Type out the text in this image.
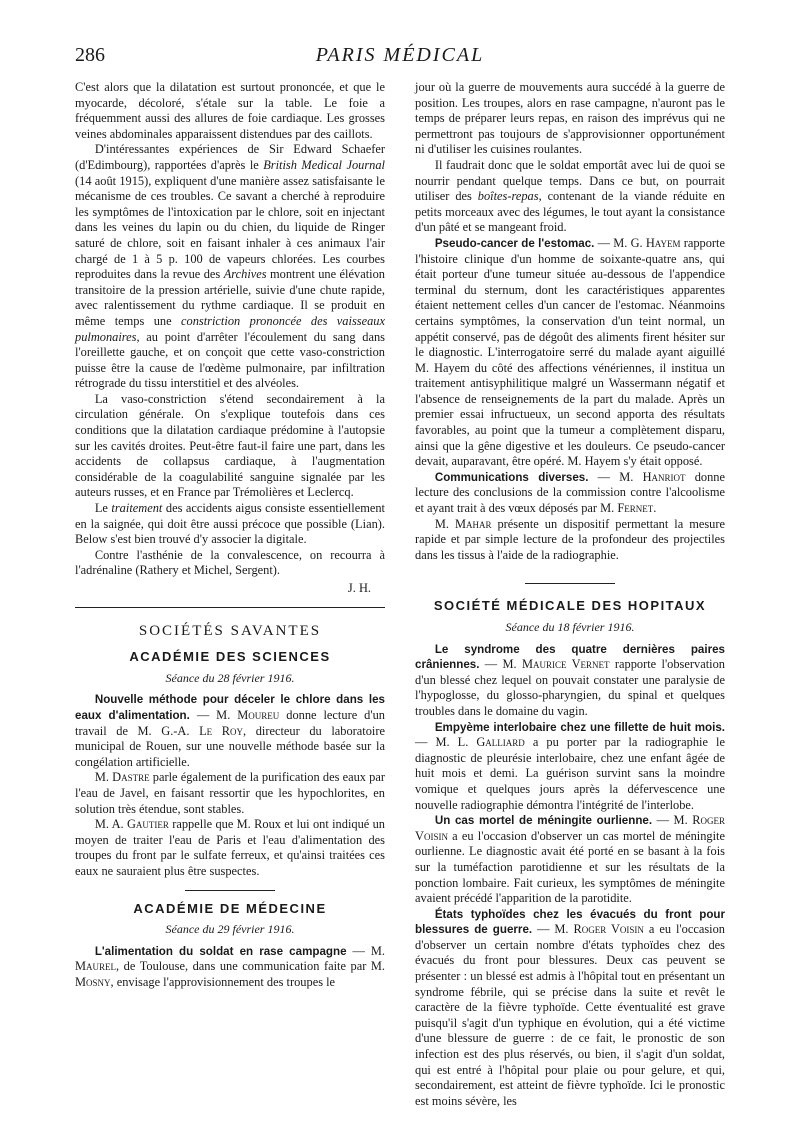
286	PARIS MÉDICAL

C'est alors que la dilatation est surtout prononcée, et que le myocarde, décoloré, s'étale sur la table. Le foie a fréquemment aussi des allures de foie cardiaque. Les grosses veines abdominales apparaissent distendues par des caillots.

D'intéressantes expériences de Sir Edward Schaefer (d'Edimbourg), rapportées d'après le British Medical Journal (14 août 1915), expliquent d'une manière assez satisfaisante le mécanisme de ces troubles. Ce savant a cherché à reproduire les symptômes de l'intoxication par le chlore, soit en injectant dans les veines du lapin ou du chien, du liquide de Ringer saturé de chlore, soit en faisant inhaler à ces animaux l'air chargé de 1 à 5 p. 100 de vapeurs chlorées. Les courbes reproduites dans la revue des Archives montrent une élévation transitoire de la pression artérielle, suivie d'une chute rapide, avec ralentissement du rythme cardiaque. Il se produit en même temps une constriction prononcée des vaisseaux pulmonaires, au point d'arrêter l'écoulement du sang dans l'oreillette gauche, et on conçoit que cette vaso-constriction puisse être la cause de l'œdème pulmonaire, par infiltration rétrograde du tissu interstitiel et des alvéoles.

La vaso-constriction s'étend secondairement à la circulation générale. On s'explique toutefois dans ces conditions que la dilatation cardiaque prédomine à l'autopsie sur les cavités droites. Peut-être faut-il faire une part, dans les accidents de collapsus cardiaque, à l'augmentation considérable de la coagulabilité sanguine signalée par les auteurs russes, et en France par Trémolières et Leclercq.

Le traitement des accidents aigus consiste essentiellement en la saignée, qui doit être aussi précoce que possible (Lian). Below s'est bien trouvé d'y associer la digitale.

Contre l'asthénie de la convalescence, on recourra à l'adrénaline (Rathery et Michel, Sergent).

J. H.
SOCIÉTÉS SAVANTES
ACADÉMIE DES SCIENCES
Séance du 28 février 1916.

Nouvelle méthode pour déceler le chlore dans les eaux d'alimentation. — M. Moureu donne lecture d'un travail de M. G.-A. Le Roy, directeur du laboratoire municipal de Rouen, sur une nouvelle méthode basée sur la congélation artificielle.

M. Dastre parle également de la purification des eaux par l'eau de Javel, en faisant ressortir que les hypochlorites, en solution très étendue, sont stables.

M. A. Gautier rappelle que M. Roux et lui ont indiqué un moyen de traiter l'eau de Paris et l'eau d'alimentation des troupes du front par le sulfate ferreux, et qu'ainsi traitées ces eaux ne sauraient plus être suspectes.

ACADÉMIE DE MÉDECINE
Séance du 29 février 1916.

L'alimentation du soldat en rase campagne — M. Maurel, de Toulouse, dans une communication faite par M. Mosny, envisage l'approvisionnement des troupes le

jour où la guerre de mouvements aura succédé à la guerre de position. Les troupes, alors en rase campagne, n'auront pas le temps de préparer leurs repas, en raison des imprévus qui ne permettront pas toujours de s'approvisionner opportunément ni d'utiliser les cuisines roulantes.

Il faudrait donc que le soldat emportât avec lui de quoi se nourrir pendant quelque temps. Dans ce but, on pourrait utiliser des boîtes-repas, contenant de la viande réduite en petits morceaux avec des légumes, le tout ayant la consistance d'un pâté et se mangeant froid.

Pseudo-cancer de l'estomac. — M. G. Hayem rapporte l'histoire clinique d'un homme de soixante-quatre ans, qui était porteur d'une tumeur située au-dessous de l'appendice terminal du sternum, dont les caractéristiques apparentes étaient nettement celles d'un cancer de l'estomac. Néanmoins certains symptômes, la conservation d'un teint normal, un appétit conservé, pas de dégoût des aliments firent hésiter sur le diagnostic. L'interrogatoire serré du malade ayant aiguillé M. Hayem du côté des affections vénériennes, il institua un traitement antisyphilitique malgré un Wassermann négatif et l'absence de renseignements de la part du malade. Après un premier essai infructueux, un second apporta des résultats favorables, au point que la tumeur a complètement disparu, ainsi que la gêne digestive et les douleurs. Ce pseudo-cancer devait, auparavant, être opéré. M. Hayem s'y était opposé.

Communications diverses. — M. Hanriot donne lecture des conclusions de la commission contre l'alcoolisme et ayant trait à des vœux déposés par M. Fernet.

M. Mahar présente un dispositif permettant la mesure rapide et par simple lecture de la profondeur des projectiles dans les tissus à l'aide de la radiographie.

SOCIÉTÉ MÉDICALE DES HOPITAUX
Séance du 18 février 1916.

Le syndrome des quatre dernières paires crâniennes. — M. Maurice Vernet rapporte l'observation d'un blessé chez lequel on pouvait constater une paralysie de l'hypoglosse, du glosso-pharyngien, du spinal et quelques troubles dans le domaine du vagin.

Empyème interlobaire chez une fillette de huit mois. — M. L. Galliard a pu porter par la radiographie le diagnostic de pleurésie interlobaire, chez une enfant âgée de huit mois et demi. La guérison survint sans la moindre vomique et quelques jours après la défervescence une nouvelle radiographie démontra l'intégrité de l'interlobe.

Un cas mortel de méningite ourlienne. — M. Roger Voisin a eu l'occasion d'observer un cas mortel de méningite ourlienne. Le diagnostic avait été porté en se basant à la fois sur la tuméfaction parotidienne et sur les résultats de la ponction lombaire. Fait curieux, les symptômes de méningite avaient précédé l'apparition de la parotidite.

États typhoïdes chez les évacués du front pour blessures de guerre. — M. Roger Voisin a eu l'occasion d'observer un certain nombre d'états typhoïdes chez des évacués du front pour blessures. Deux cas peuvent se présenter : un blessé est admis à l'hôpital tout en présentant un syndrome fébrile, qui se précise dans la suite et revêt le caractère de la fièvre typhoïde. Cette éventualité est grave puisqu'il s'agit d'un typhique en évolution, qui a été victime d'une blessure de guerre : de ce fait, le pronostic de son infection est des plus réservés, ou bien, il s'agit d'un soldat, qui est entré à l'hôpital pour plaie ou pour gelure, et qui, secondairement, est atteint de fièvre typhoïde. Ici le pronostic est moins sévère, les
